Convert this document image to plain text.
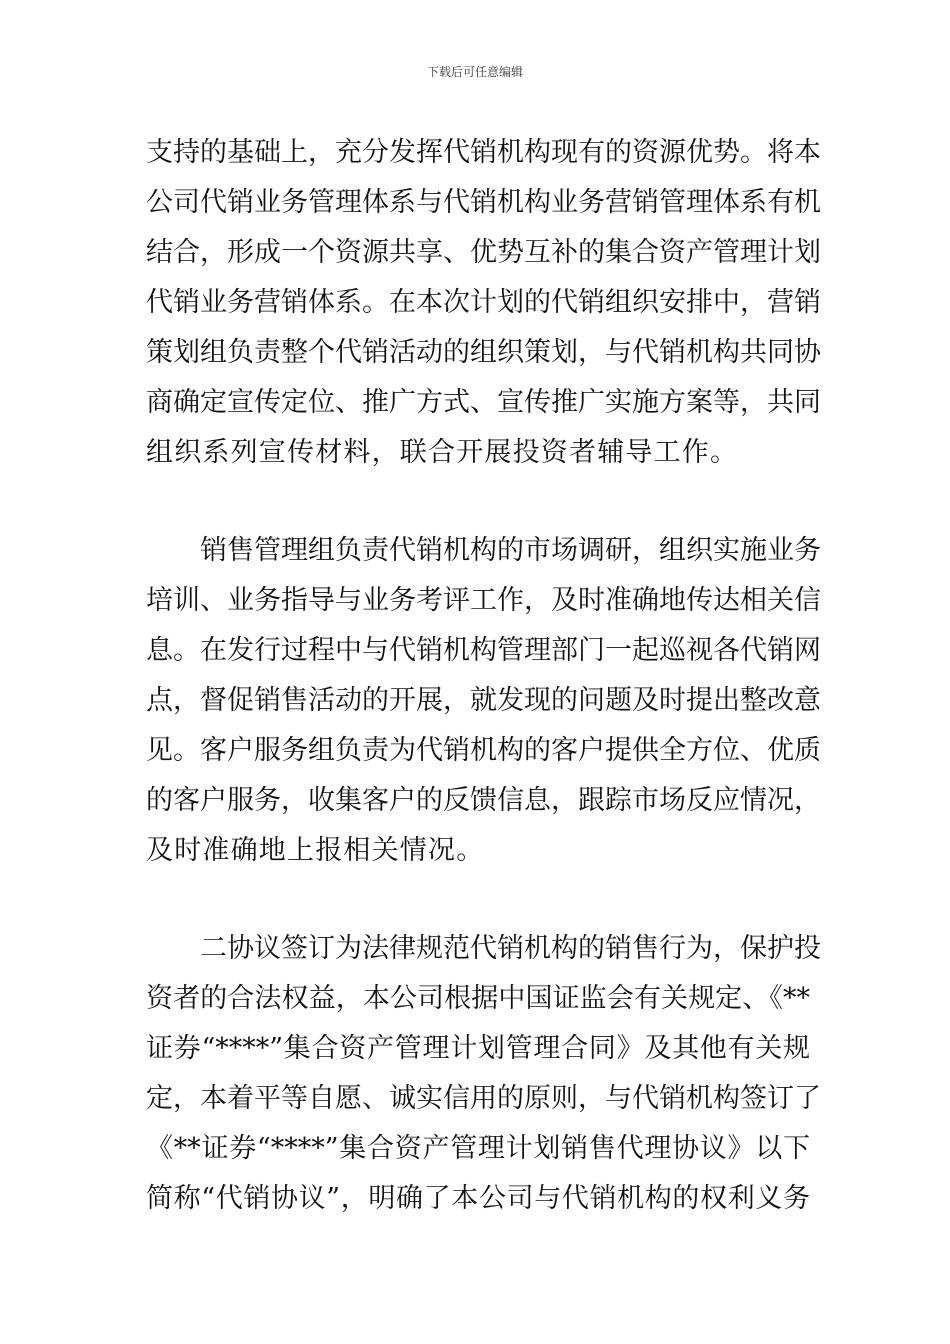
下载后可任意编辑
支持的基础上，充分发挥代销机构现有的资源优势。将本
公司代销业务管理体系与代销机构业务营销管理体系有机
结合，形成一个资源共享、优势互补的集合资产管理计划
代销业务营销体系。在本次计划的代销组织安排中，营销
策划组负责整个代销活动的组织策划，与代销机构共同协
商确定宣传定位、推广方式、宣传推广实施方案等，共同
组织系列宣传材料，联合开展投资者辅导工作。
销售管理组负责代销机构的市场调研，组织实施业务
培训、业务指导与业务考评工作，及时准确地传达相关信
息。在发行过程中与代销机构管理部门一起巡视各代销网
点，督促销售活动的开展，就发现的问题及时提出整改意
见。客户服务组负责为代销机构的客户提供全方位、优质
的客户服务，收集客户的反馈信息，跟踪市场反应情况，
及时准确地上报相关情况。
二协议签订为法律规范代销机构的销售行为，保护投
资者的合法权益，本公司根据中国证监会有关规定、《**
证券“****”集合资产管理计划管理合同》及其他有关规
定，本着平等自愿、诚实信用的原则，与代销机构签订了
《**证券“****”集合资产管理计划销售代理协议》以下
简称“代销协议”，明确了本公司与代销机构的权利义务
